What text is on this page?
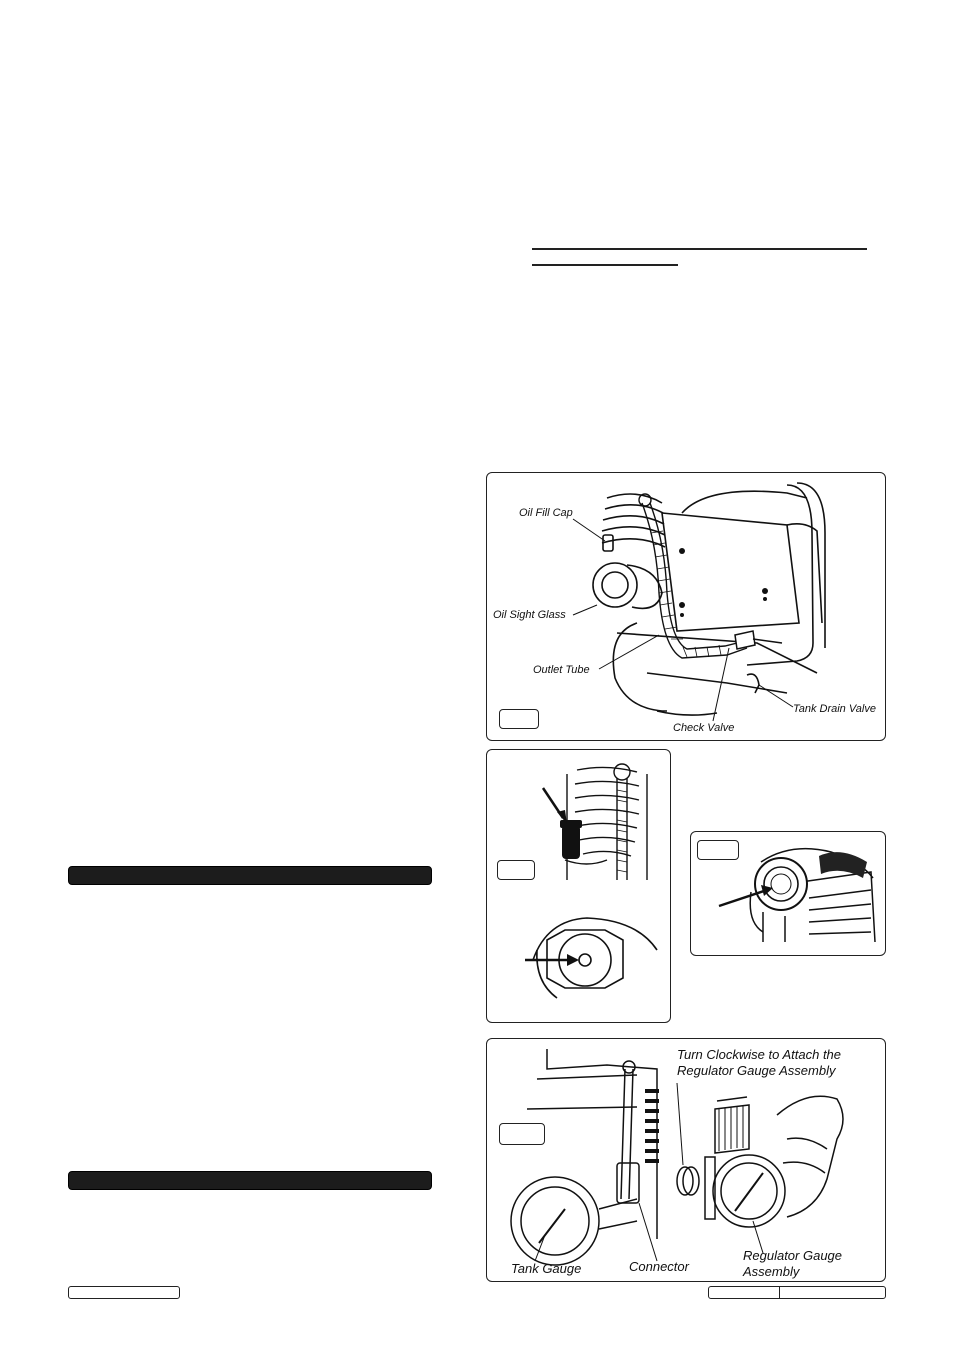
Oil Fill Cap
Oil Sight Glass
Outlet Tube
Check Valve
Tank Drain Valve
Turn Clockwise to Attach the Regulator Gauge Assembly
Tank Gauge	Connector
Regulator Gauge Assembly
